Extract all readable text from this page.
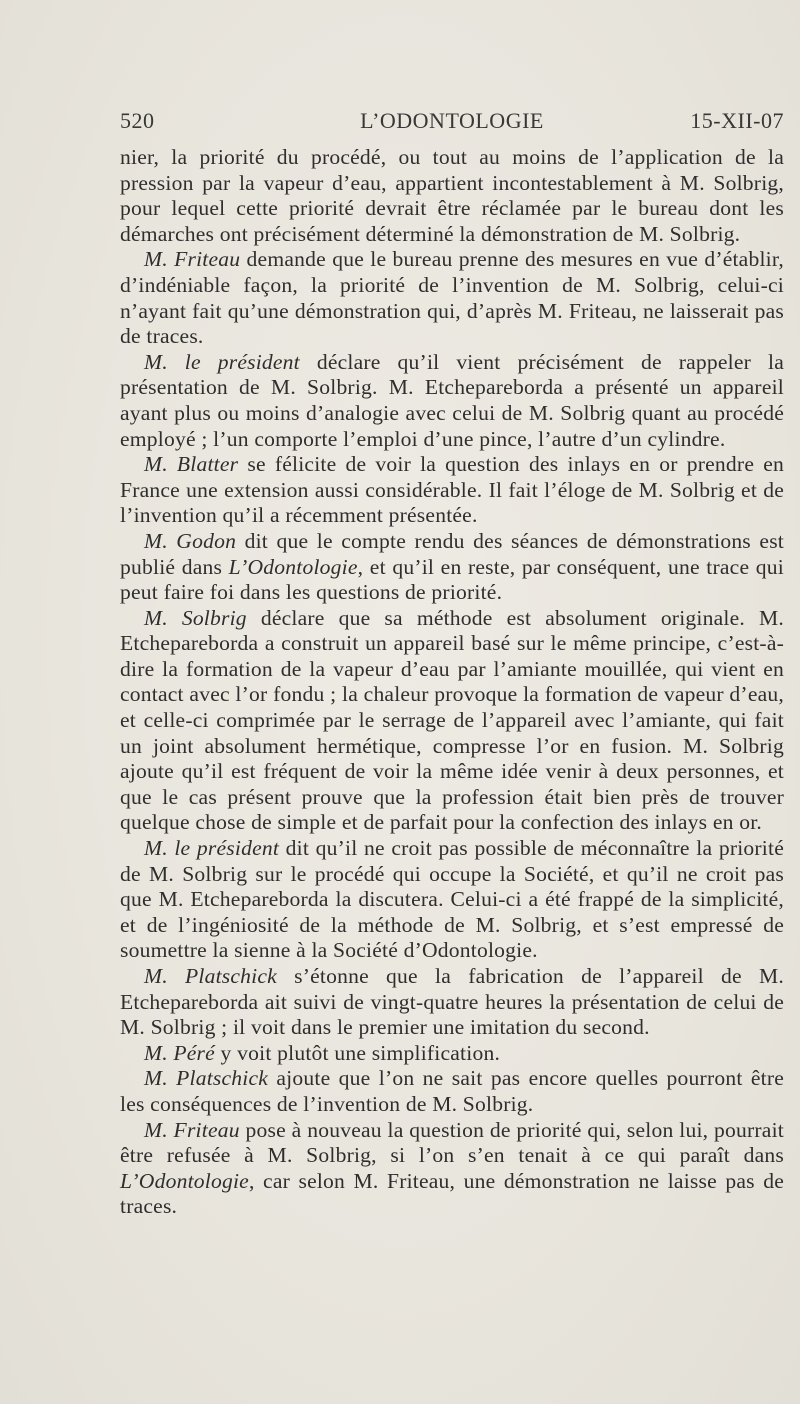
520	L’ODONTOLOGIE	15-XII-07

nier, la priorité du procédé, ou tout au moins de l’application de la pression par la vapeur d’eau, appartient incontestablement à M. Solbrig, pour lequel cette priorité devrait être réclamée par le bureau dont les démarches ont précisément déterminé la démonstration de M. Solbrig.

M. Friteau demande que le bureau prenne des mesures en vue d’établir, d’indéniable façon, la priorité de l’invention de M. Solbrig, celui-ci n’ayant fait qu’une démonstration qui, d’après M. Friteau, ne laisserait pas de traces.

M. le président déclare qu’il vient précisément de rappeler la présentation de M. Solbrig. M. Etchepareborda a présenté un appareil ayant plus ou moins d’analogie avec celui de M. Solbrig quant au procédé employé ; l’un comporte l’emploi d’une pince, l’autre d’un cylindre.

M. Blatter se félicite de voir la question des inlays en or prendre en France une extension aussi considérable. Il fait l’éloge de M. Solbrig et de l’invention qu’il a récemment présentée.

M. Godon dit que le compte rendu des séances de démonstrations est publié dans L’Odontologie, et qu’il en reste, par conséquent, une trace qui peut faire foi dans les questions de priorité.

M. Solbrig déclare que sa méthode est absolument originale. M. Etchepareborda a construit un appareil basé sur le même principe, c’est-à-dire la formation de la vapeur d’eau par l’amiante mouillée, qui vient en contact avec l’or fondu ; la chaleur provoque la formation de vapeur d’eau, et celle-ci comprimée par le serrage de l’appareil avec l’amiante, qui fait un joint absolument hermétique, compresse l’or en fusion. M. Solbrig ajoute qu’il est fréquent de voir la même idée venir à deux personnes, et que le cas présent prouve que la profession était bien près de trouver quelque chose de simple et de parfait pour la confection des inlays en or.

M. le président dit qu’il ne croit pas possible de méconnaître la priorité de M. Solbrig sur le procédé qui occupe la Société, et qu’il ne croit pas que M. Etchepareborda la discutera. Celui-ci a été frappé de la simplicité, et de l’ingéniosité de la méthode de M. Solbrig, et s’est empressé de soumettre la sienne à la Société d’Odontologie.

M. Platschick s’étonne que la fabrication de l’appareil de M. Etchepareborda ait suivi de vingt-quatre heures la présentation de celui de M. Solbrig ; il voit dans le premier une imitation du second.

M. Péré y voit plutôt une simplification.

M. Platschick ajoute que l’on ne sait pas encore quelles pourront être les conséquences de l’invention de M. Solbrig.

M. Friteau pose à nouveau la question de priorité qui, selon lui, pourrait être refusée à M. Solbrig, si l’on s’en tenait à ce qui paraît dans L’Odontologie, car selon M. Friteau, une démonstration ne laisse pas de traces.
